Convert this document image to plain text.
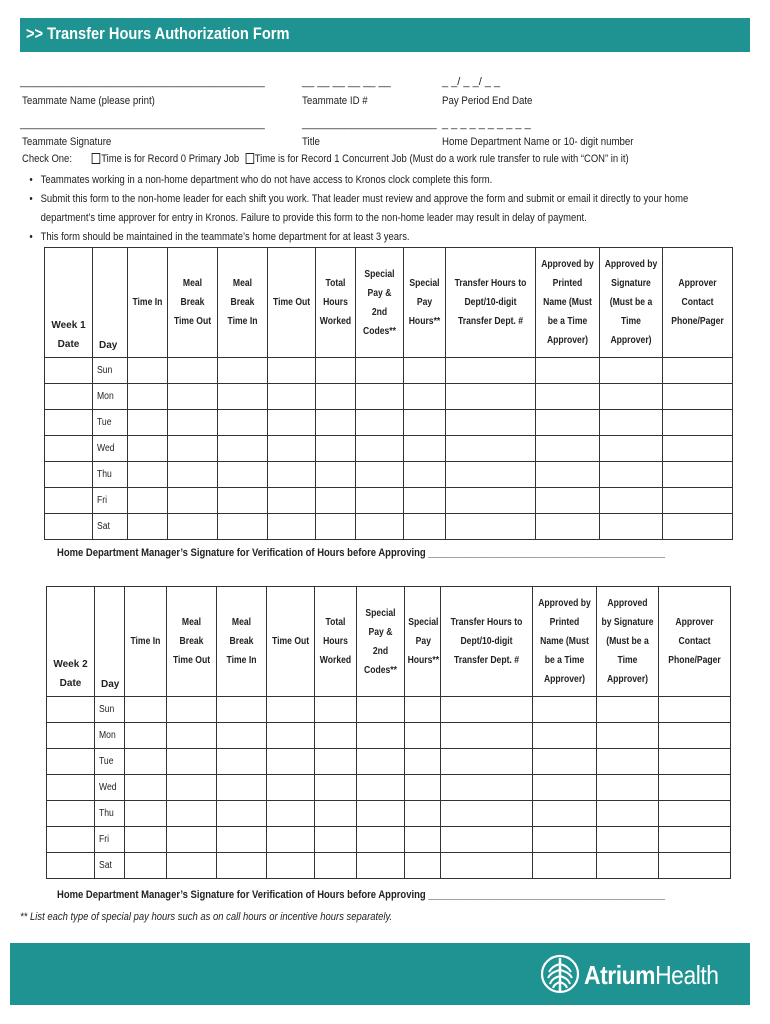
>> Transfer Hours Authorization Form
________________________________________	__ __ __ __ __ __	_ _/ _ _/ _ _
Teammate Name (please print)	Teammate ID #	Pay Period End Date
________________________________________	______________________ _ _ _ _ _ _ _ _ _ _
Teammate Signature	Title	Home Department Name or 10- digit number
Check One:	Time is for Record 0 Primary Job Time is for Record 1 Concurrent Job (Must do a work rule transfer to rule with “CON” in it)
• Teammates working in a non-home department who do not have access to Kronos clock complete this form.
• Submit this form to the non-home leader for each shift you work. That leader must review and approve the form and submit or email it directly to your home
department’s time approver for entry in Kronos. Failure to provide this form to the non-home leader may result in delay of payment.
• This form should be maintained in the teammate’s home department for at least 3 years.
Week 1
Date	Day	Time In	Meal Break Time Out	Meal Break Time In	Time Out	Total Hours Worked	Special Pay & 2nd Codes**	Special Pay Hours**	Transfer Hours to Dept/10-digit Transfer Dept. #	Approved by Printed Name (Must be a Time Approver)	Approved by Signature (Must be a Time Approver)	Approver Contact Phone/Pager
	Sun											
	Mon											
	Tue											
	Wed											
	Thu											
	Fri											
	Sat											
Home Department Manager’s Signature for Verification of Hours before Approving _____________________________________________
Week 2
Date	Day	Time In	Meal Break Time Out	Meal Break Time In	Time Out	Total Hours Worked	Special Pay & 2nd Codes**	Special Pay Hours**	Transfer Hours to Dept/10-digit Transfer Dept. #	Approved by Printed Name (Must be a Time Approver)	Approved by Signature (Must be a Time Approver)	Approver Contact Phone/Pager
	Sun											
	Mon											
	Tue											
	Wed											
	Thu											
	Fri											
	Sat											
Home Department Manager’s Signature for Verification of Hours before Approving _____________________________________________
** List each type of special pay hours such as on call hours or incentive hours separately.
AtriumHealth
